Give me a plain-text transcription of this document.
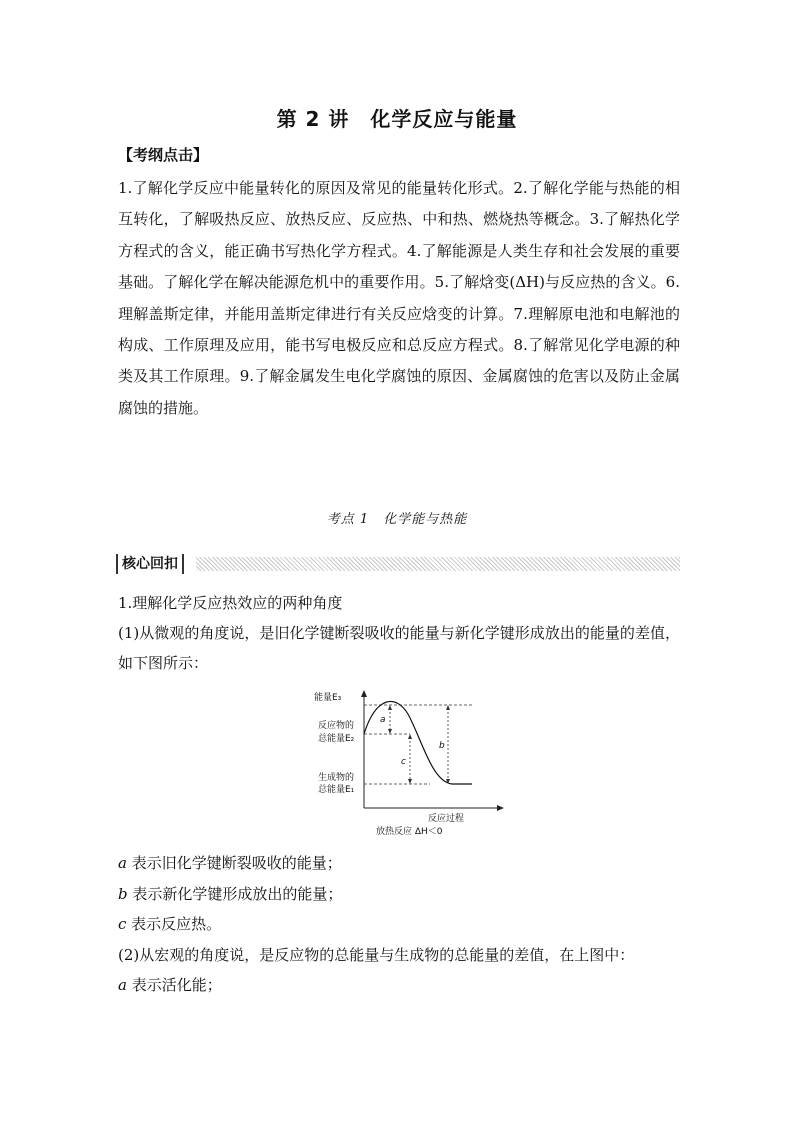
第 2 讲　化学反应与能量
【考纲点击】
1.了解化学反应中能量转化的原因及常见的能量转化形式。2.了解化学能与热能的相互转化，了解吸热反应、放热反应、反应热、中和热、燃烧热等概念。3.了解热化学方程式的含义，能正确书写热化学方程式。4.了解能源是人类生存和社会发展的重要基础。了解化学在解决能源危机中的重要作用。5.了解焓变(ΔH)与反应热的含义。6.理解盖斯定律，并能用盖斯定律进行有关反应焓变的计算。7.理解原电池和电解池的构成、工作原理及应用，能书写电极反应和总反应方程式。8.了解常见化学电源的种类及其工作原理。9.了解金属发生电化学腐蚀的原因、金属腐蚀的危害以及防止金属腐蚀的措施。
考点 1　化学能与热能
核心回扣
1.理解化学反应热效应的两种角度
(1)从微观的角度说，是旧化学键断裂吸收的能量与新化学键形成放出的能量的差值，如下图所示：
a
c
b
能量E₃
反应物的
总能量E₂
生成物的
总能量E₁
反应过程
放热反应 ΔH＜0
a 表示旧化学键断裂吸收的能量；
b 表示新化学键形成放出的能量；
c 表示反应热。
(2)从宏观的角度说，是反应物的总能量与生成物的总能量的差值，在上图中：
a 表示活化能；
